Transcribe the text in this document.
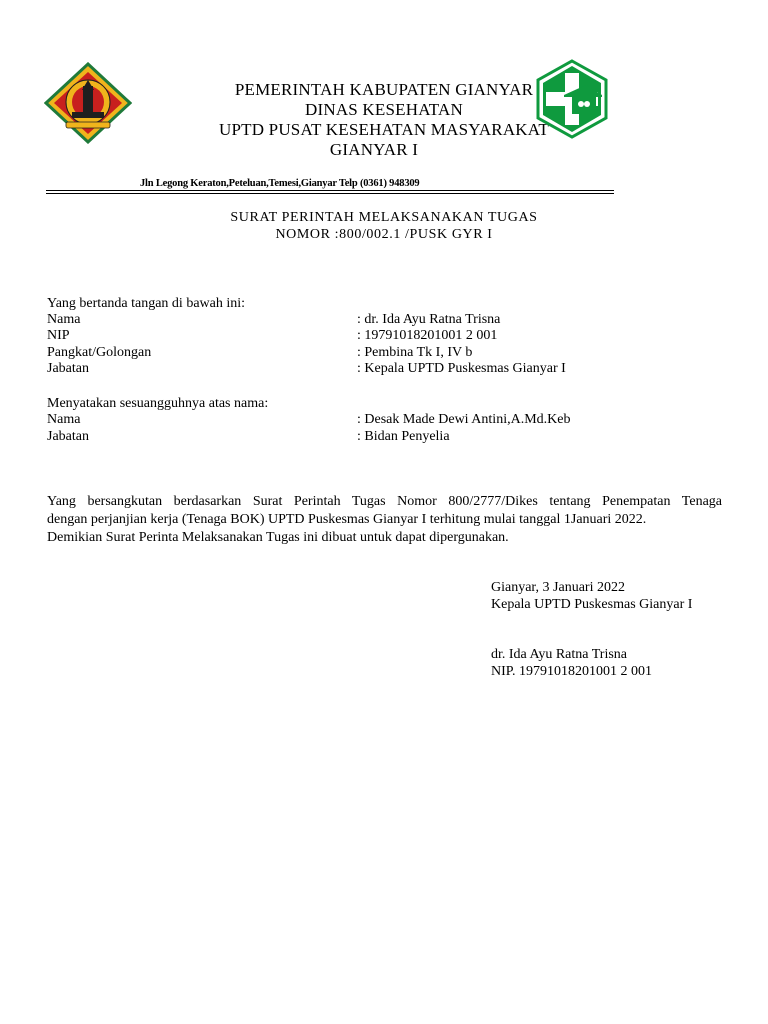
PEMERINTAH KABUPATEN GIANYAR
DINAS KESEHATAN
UPTD PUSAT KESEHATAN MASYARAKAT
GIANYAR I
Jln Legong Keraton,Peteluan,Temesi,Gianyar Telp (0361) 948309
SURAT PERINTAH MELAKSANAKAN TUGAS
NOMOR :800/002.1 /PUSK GYR I
Yang bertanda tangan di bawah ini:
Nama	: dr. Ida Ayu Ratna Trisna
NIP	: 19791018201001 2 001
Pangkat/Golongan	: Pembina Tk I, IV b
Jabatan	: Kepala UPTD Puskesmas Gianyar I
Menyatakan sesuangguhnya atas nama:
Nama	: Desak Made Dewi Antini,A.Md.Keb
Jabatan	: Bidan Penyelia
Yang bersangkutan berdasarkan Surat Perintah Tugas Nomor 800/2777/Dikes tentang Penempatan Tenaga
dengan perjanjian kerja (Tenaga BOK) UPTD Puskesmas Gianyar I terhitung mulai tanggal 1Januari 2022.
Demikian Surat Perinta Melaksanakan Tugas ini dibuat untuk dapat dipergunakan.
Gianyar, 3 Januari 2022
Kepala UPTD Puskesmas Gianyar I
dr. Ida Ayu Ratna Trisna
NIP. 19791018201001 2 001
